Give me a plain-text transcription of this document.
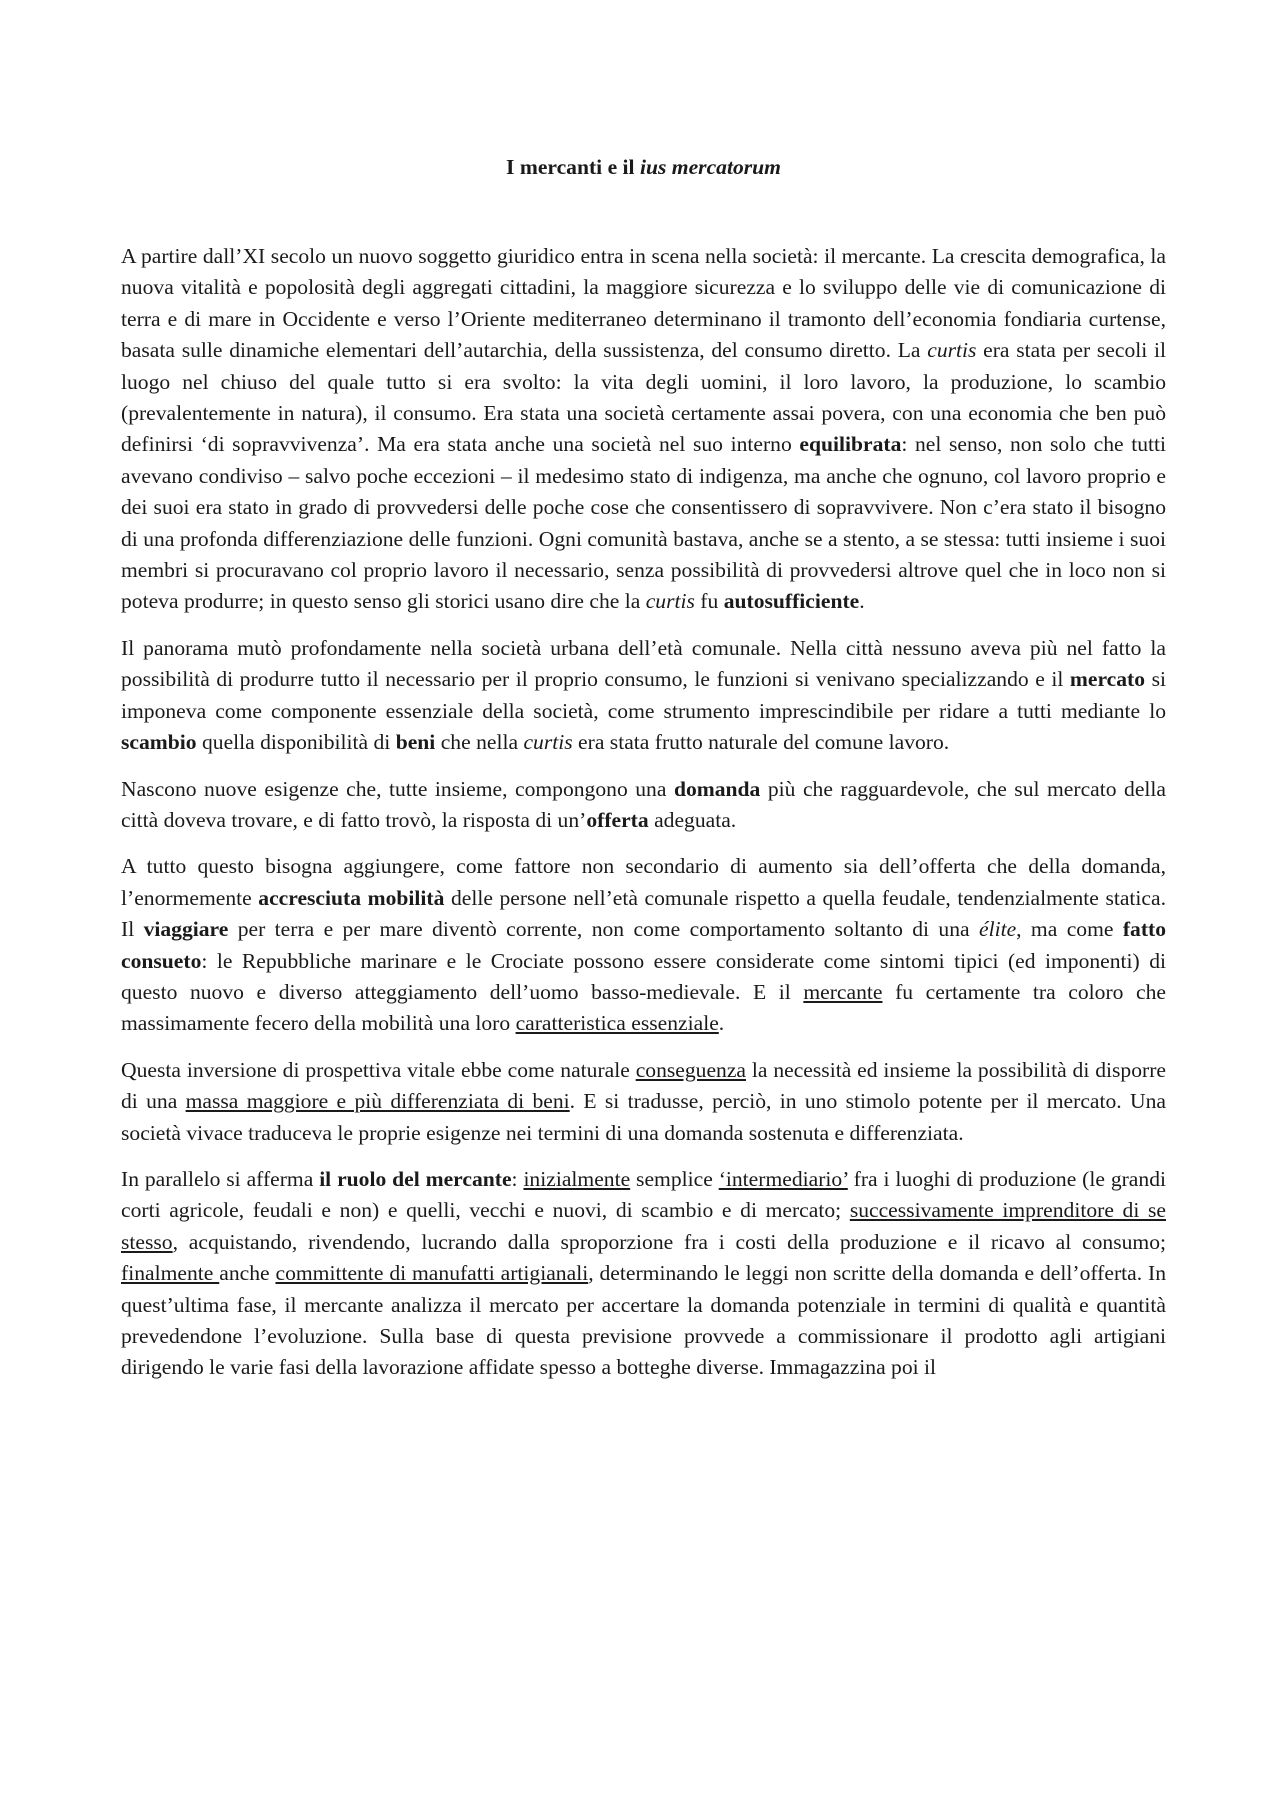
I mercanti e il ius mercatorum

A partire dall’XI secolo un nuovo soggetto giuridico entra in scena nella società: il mercante. La crescita demografica, la nuova vitalità e popolosità degli aggregati cittadini, la maggiore sicurezza e lo sviluppo delle vie di comunicazione di terra e di mare in Occidente e verso l’Oriente mediterraneo determinano il tramonto dell’economia fondiaria curtense, basata sulle dinamiche elementari dell’autarchia, della sussistenza, del consumo diretto. La curtis era stata per secoli il luogo nel chiuso del quale tutto si era svolto: la vita degli uomini, il loro lavoro, la produzione, lo scambio (prevalentemente in natura), il consumo. Era stata una società certamente assai povera, con una economia che ben può definirsi ‘di sopravvivenza’. Ma era stata anche una società nel suo interno equilibrata: nel senso, non solo che tutti avevano condiviso – salvo poche eccezioni – il medesimo stato di indigenza, ma anche che ognuno, col lavoro proprio e dei suoi era stato in grado di provvedersi delle poche cose che consentissero di sopravvivere. Non c’era stato il bisogno di una profonda differenziazione delle funzioni. Ogni comunità bastava, anche se a stento, a se stessa: tutti insieme i suoi membri si procuravano col proprio lavoro il necessario, senza possibilità di provvedersi altrove quel che in loco non si poteva produrre; in questo senso gli storici usano dire che la curtis fu autosufficiente.

Il panorama mutò profondamente nella società urbana dell’età comunale. Nella città nessuno aveva più nel fatto la possibilità di produrre tutto il necessario per il proprio consumo, le funzioni si venivano specializzando e il mercato si imponeva come componente essenziale della società, come strumento imprescindibile per ridare a tutti mediante lo scambio quella disponibilità di beni che nella curtis era stata frutto naturale del comune lavoro.

Nascono nuove esigenze che, tutte insieme, compongono una domanda più che ragguardevole, che sul mercato della città doveva trovare, e di fatto trovò, la risposta di un’offerta adeguata.

A tutto questo bisogna aggiungere, come fattore non secondario di aumento sia dell’offerta che della domanda, l’enormemente accresciuta mobilità delle persone nell’età comunale rispetto a quella feudale, tendenzialmente statica. Il viaggiare per terra e per mare diventò corrente, non come comportamento soltanto di una élite, ma come fatto consueto: le Repubbliche marinare e le Crociate possono essere considerate come sintomi tipici (ed imponenti) di questo nuovo e diverso atteggiamento dell’uomo basso-medievale. E il mercante fu certamente tra coloro che massimamente fecero della mobilità una loro caratteristica essenziale.

Questa inversione di prospettiva vitale ebbe come naturale conseguenza la necessità ed insieme la possibilità di disporre di una massa maggiore e più differenziata di beni. E si tradusse, perciò, in uno stimolo potente per il mercato. Una società vivace traduceva le proprie esigenze nei termini di una domanda sostenuta e differenziata.

In parallelo si afferma il ruolo del mercante: inizialmente semplice ‘intermediario’ fra i luoghi di produzione (le grandi corti agricole, feudali e non) e quelli, vecchi e nuovi, di scambio e di mercato; successivamente imprenditore di se stesso, acquistando, rivendendo, lucrando dalla sproporzione fra i costi della produzione e il ricavo al consumo; finalmente anche committente di manufatti artigianali, determinando le leggi non scritte della domanda e dell’offerta. In quest’ultima fase, il mercante analizza il mercato per accertare la domanda potenziale in termini di qualità e quantità prevedendone l’evoluzione. Sulla base di questa previsione provvede a commissionare il prodotto agli artigiani dirigendo le varie fasi della lavorazione affidate spesso a botteghe diverse. Immagazzina poi il
